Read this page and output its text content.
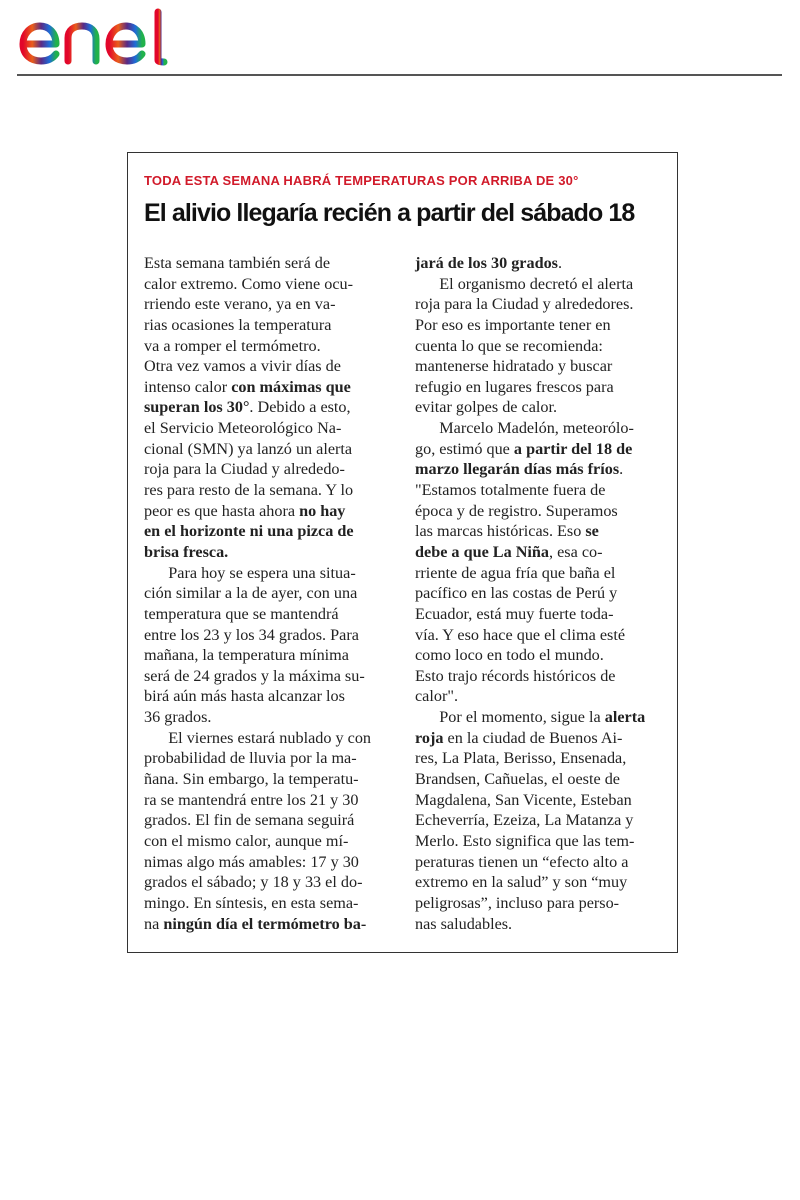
TODA ESTA SEMANA HABRÁ TEMPERATURAS POR ARRIBA DE 30°
El alivio llegaría recién a partir del sábado 18
Esta semana también será de
calor extremo. Como viene ocu-
rriendo este verano, ya en va-
rias ocasiones la temperatura
va a romper el termómetro.
Otra vez vamos a vivir días de
intenso calor con máximas que
superan los 30°. Debido a esto,
el Servicio Meteorológico Na-
cional (SMN) ya lanzó un alerta
roja para la Ciudad y alrededo-
res para resto de la semana. Y lo
peor es que hasta ahora no hay
en el horizonte ni una pizca de
brisa fresca.
  Para hoy se espera una situa-
ción similar a la de ayer, con una
temperatura que se mantendrá
entre los 23 y los 34 grados. Para
mañana, la temperatura mínima
será de 24 grados y la máxima su-
birá aún más hasta alcanzar los
36 grados.
  El viernes estará nublado y con
probabilidad de lluvia por la ma-
ñana. Sin embargo, la temperatu-
ra se mantendrá entre los 21 y 30
grados. El fin de semana seguirá
con el mismo calor, aunque mí-
nimas algo más amables: 17 y 30
grados el sábado; y 18 y 33 el do-
mingo. En síntesis, en esta sema-
na ningún día el termómetro ba-
jará de los 30 grados.
  El organismo decretó el alerta
roja para la Ciudad y alrededores.
Por eso es importante tener en
cuenta lo que se recomienda:
mantenerse hidratado y buscar
refugio en lugares frescos para
evitar golpes de calor.
  Marcelo Madelón, meteorólo-
go, estimó que a partir del 18 de
marzo llegarán días más fríos.
"Estamos totalmente fuera de
época y de registro. Superamos
las marcas históricas. Eso se
debe a que La Niña, esa co-
rriente de agua fría que baña el
pacífico en las costas de Perú y
Ecuador, está muy fuerte toda-
vía. Y eso hace que el clima esté
como loco en todo el mundo.
Esto trajo récords históricos de
calor".
  Por el momento, sigue la alerta
roja en la ciudad de Buenos Ai-
res, La Plata, Berisso, Ensenada,
Brandsen, Cañuelas, el oeste de
Magdalena, San Vicente, Esteban
Echeverría, Ezeiza, La Matanza y
Merlo. Esto significa que las tem-
peraturas tienen un “efecto alto a
extremo en la salud” y son “muy
peligrosas”, incluso para perso-
nas saludables.
